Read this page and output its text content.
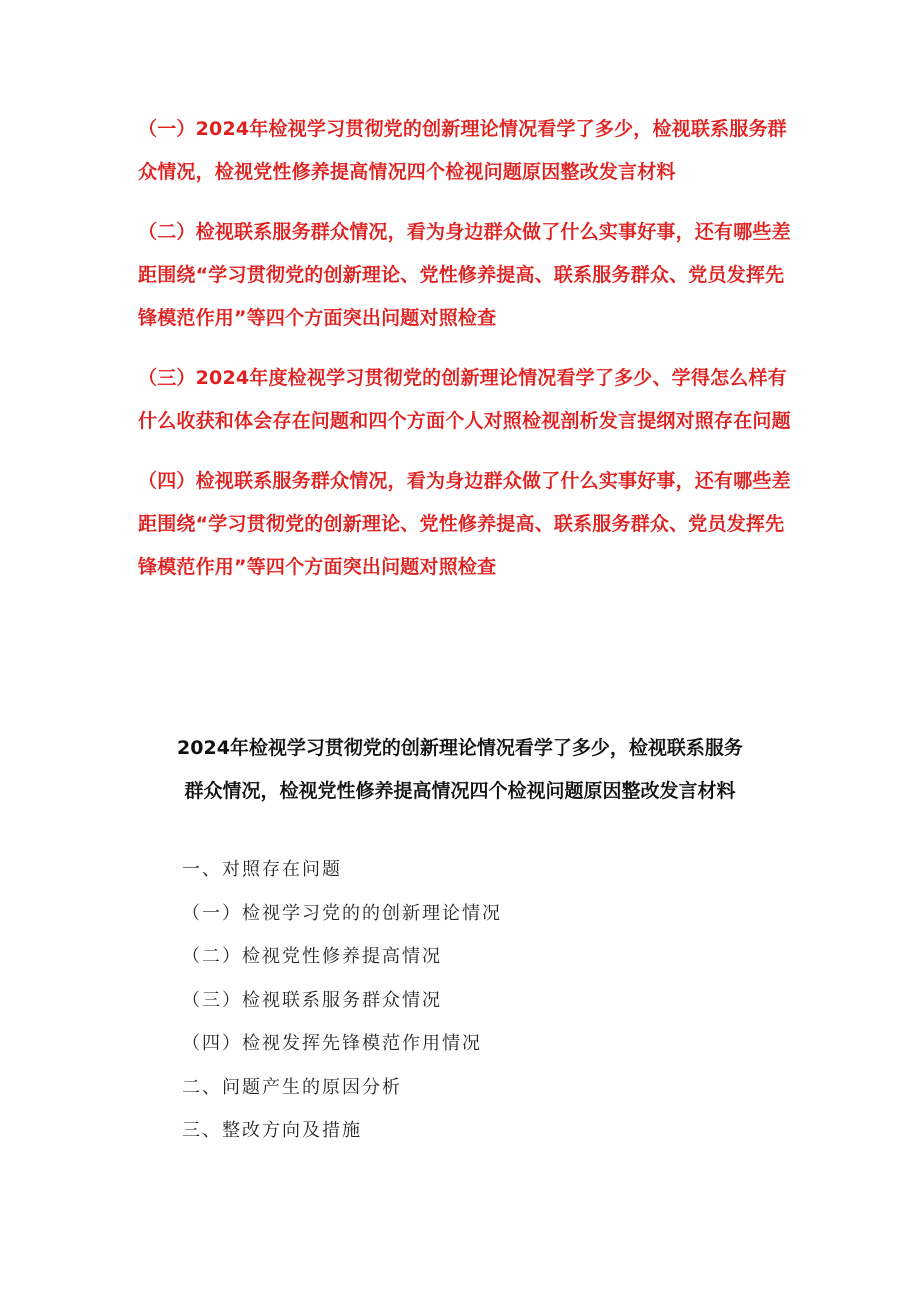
（一）2024年检视学习贯彻党的创新理论情况看学了多少，检视联系服务群众情况，检视党性修养提高情况四个检视问题原因整改发言材料
（二）检视联系服务群众情况，看为身边群众做了什么实事好事，还有哪些差距围绕“学习贯彻党的创新理论、党性修养提高、联系服务群众、党员发挥先锋模范作用”等四个方面突出问题对照检查
（三）2024年度检视学习贯彻党的创新理论情况看学了多少、学得怎么样有什么收获和体会存在问题和四个方面个人对照检视剖析发言提纲对照存在问题
（四）检视联系服务群众情况，看为身边群众做了什么实事好事，还有哪些差距围绕“学习贯彻党的创新理论、党性修养提高、联系服务群众、党员发挥先锋模范作用”等四个方面突出问题对照检查
2024年检视学习贯彻党的创新理论情况看学了多少，检视联系服务
群众情况，检视党性修养提高情况四个检视问题原因整改发言材料
一、对照存在问题
（一）检视学习党的的创新理论情况
（二）检视党性修养提高情况
（三）检视联系服务群众情况
（四）检视发挥先锋模范作用情况
二、问题产生的原因分析
三、整改方向及措施
